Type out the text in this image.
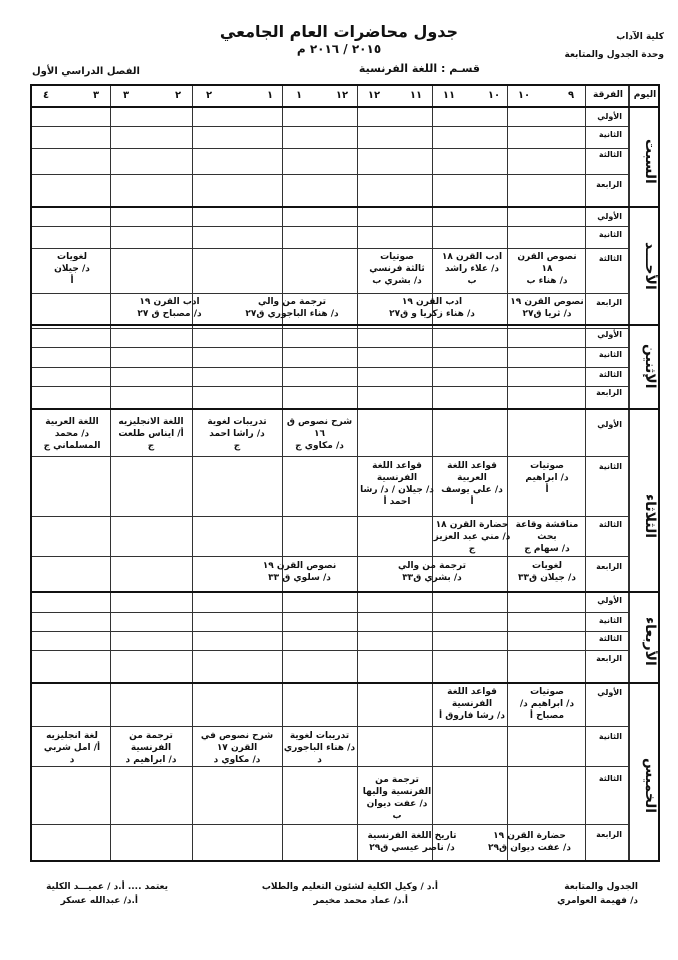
جدول محاضرات العام الجامعي
٢٠١٥ / ٢٠١٦ م
كلية الآداب
وحدة الجدول والمتابعة
قسـم : اللغة الفرنسية
الفصل الدراسي الأول
اليوم
الفرقة
٩
١٠
١٠
١١
١١
١٢
١٢
١
١
٢
٢
٣
٣
٤
السبت
الأحـــد
الإثنين
الثلاثاء
الأربعاء
الخميس
الأولي
الثانية
الثالثة
الرابعة
الأولي
الثانية
الثالثة
الرابعة
الأولي
الثانية
الثالثة
الرابعة
الأولي
الثانية
الثالثة
الرابعة
الأولي
الثانية
الثالثة
الرابعة
الأولي
الثانية
الثالثة
الرابعة
نصوص القرن
١٨
د/ هناء ب
ادب القرن ١٨
د/ علاء راشد
ب
صوتيات
ثالثة فرنسي
د/ بشري ب
لغويات
د/ جيلان
أ
نصوص القرن ١٩
د/ ثريا ق٢٧
ادب القرن ١٩
د/ هناء زكريا و ق٢٧
ترجمة من والي
د/ هناء الباجوري ق٢٧
ادب القرن ١٩
د/ مصباح ق ٢٧
شرح نصوص ق
١٦
د/ مكاوي ج
تدريبات لغوية
د/ راشا احمد
ج
اللغة الانجليزيه
أ/ ايناس طلعت
ج
اللغة العربية
د/ محمد
المسلماني ج
صوتيات
د/ ابراهيم
أ
قواعد اللغة
العربية
د/ علي يوسف
أ
قواعد اللغة
الفرنسية
د/ جيلان / د/ رشا
احمد أ
مناقشة وقاعة
بحث
د/ سهام ج
حضارة القرن ١٨
د/ مني عبد العزيز
ج
لغويات
د/ جيلان ق٣٣
ترجمة من والي
د/ بشري ق٣٣
نصوص القرن ١٩
د/ سلوي ق ٣٣
صوتيات
د/ ابراهيم د/
مصباح أ
قواعد اللغة
الفرنسية
د/ رشا فاروق أ
تدريبات لغوية
د/ هناء الباجوري
د
شرح نصوص في
القرن ١٧
د/ مكاوي د
ترجمة من
الفرنسية
د/ ابراهيم د
لغة انجليزيه
أ/ امل شربي
د
ترجمة من
الفرنسية واليها
د/ عفت ديوان
ب
حضارة القرن ١٩
د/ عفت ديوان ق٢٩
تاريخ اللغة الفرنسية
د/ ناصر عيسي ق٢٩
الجدول والمتابعة
د/ فهيمة العوامري
أ.د / وكيل الكلية لشئون التعليم والطلاب
أ.د/ عماد محمد مخيمر
يعتمد .... أ.د / عميـــد الكلية
أ.د/ عبدالله عسكر
